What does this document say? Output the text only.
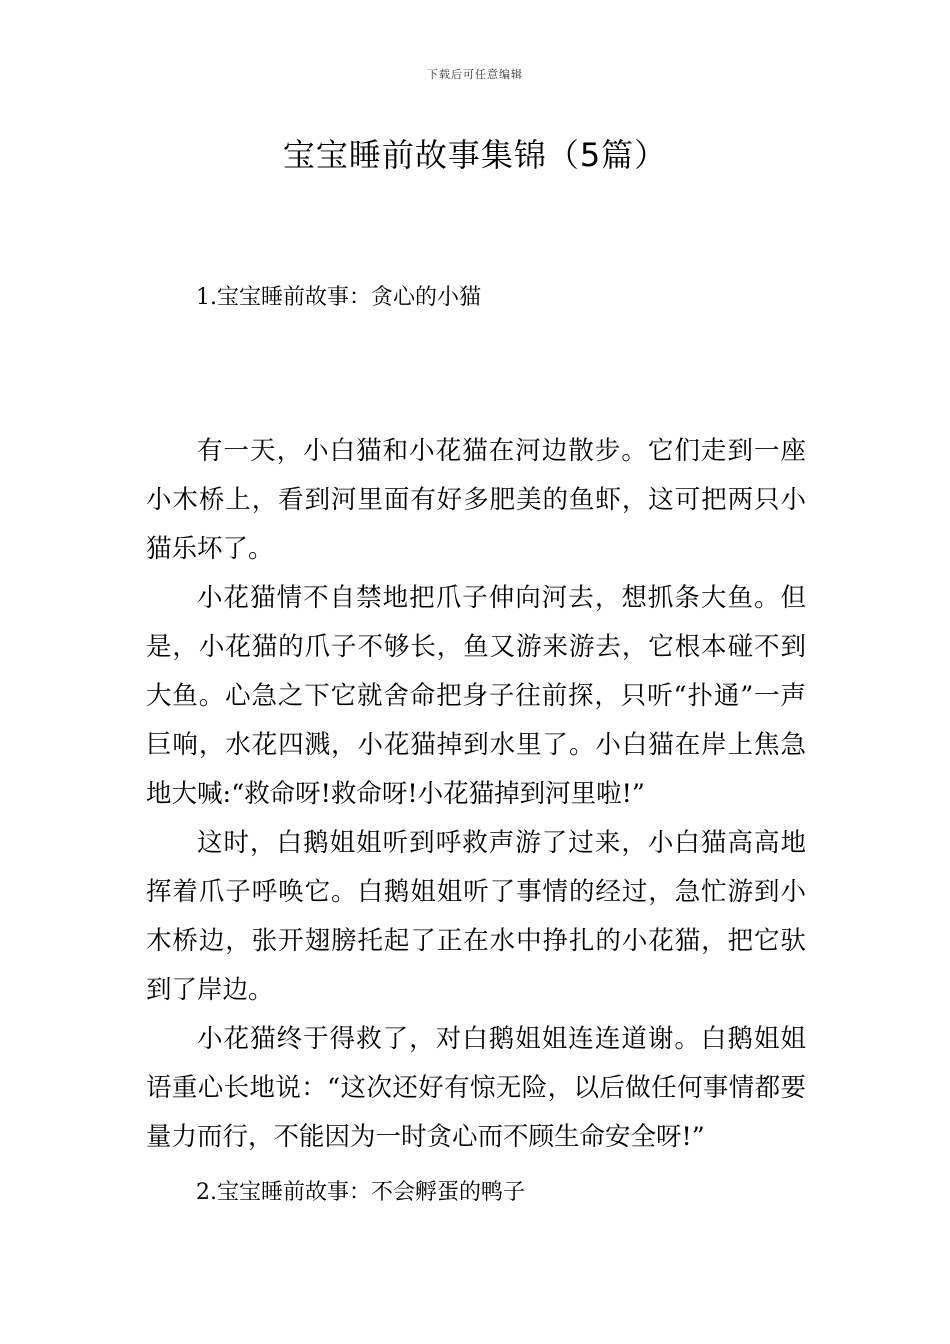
下载后可任意编辑
宝宝睡前故事集锦（5篇）
1.宝宝睡前故事：贪心的小猫

有一天，小白猫和小花猫在河边散步。它们走到一座小木桥上，看到河里面有好多肥美的鱼虾，这可把两只小猫乐坏了。

小花猫情不自禁地把爪子伸向河去，想抓条大鱼。但是，小花猫的爪子不够长，鱼又游来游去，它根本碰不到大鱼。心急之下它就舍命把身子往前探，只听“扑通”一声巨响，水花四溅，小花猫掉到水里了。小白猫在岸上焦急地大喊:“救命呀!救命呀!小花猫掉到河里啦!”

这时，白鹅姐姐听到呼救声游了过来，小白猫高高地挥着爪子呼唤它。白鹅姐姐听了事情的经过，急忙游到小木桥边，张开翅膀托起了正在水中挣扎的小花猫，把它驮到了岸边。

小花猫终于得救了，对白鹅姐姐连连道谢。白鹅姐姐语重心长地说：“这次还好有惊无险，以后做任何事情都要量力而行，不能因为一时贪心而不顾生命安全呀!”

2.宝宝睡前故事：不会孵蛋的鸭子
